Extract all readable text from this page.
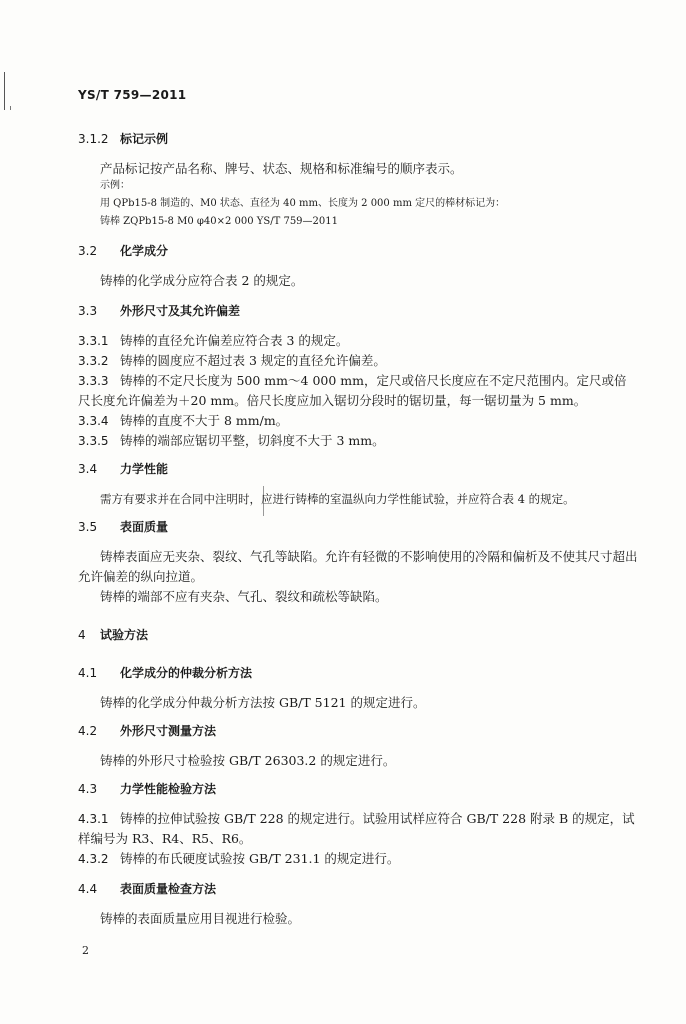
YS/T 759—2011
3.1.2 标记示例
产品标记按产品名称、牌号、状态、规格和标准编号的顺序表示。
示例：
用 QPb15-8 制造的、M0 状态、直径为 40 mm、长度为 2 000 mm 定尺的棒材标记为：
铸棒 ZQPb15-8 M0 φ40×2 000 YS/T 759—2011
3.2 化学成分
铸棒的化学成分应符合表 2 的规定。
3.3 外形尺寸及其允许偏差
3.3.1 铸棒的直径允许偏差应符合表 3 的规定。
3.3.2 铸棒的圆度应不超过表 3 规定的直径允许偏差。
3.3.3 铸棒的不定尺长度为 500 mm～4 000 mm，定尺或倍尺长度应在不定尺范围内。定尺或倍尺长度允许偏差为＋20 mm。倍尺长度应加入锯切分段时的锯切量，每一锯切量为 5 mm。
3.3.4 铸棒的直度不大于 8 mm/m。
3.3.5 铸棒的端部应锯切平整，切斜度不大于 3 mm。
3.4 力学性能
需方有要求并在合同中注明时，应进行铸棒的室温纵向力学性能试验，并应符合表 4 的规定。
3.5 表面质量
铸棒表面应无夹杂、裂纹、气孔等缺陷。允许有轻微的不影响使用的冷隔和偏析及不使其尺寸超出允许偏差的纵向拉道。
铸棒的端部不应有夹杂、气孔、裂纹和疏松等缺陷。
4 试验方法
4.1 化学成分的仲裁分析方法
铸棒的化学成分仲裁分析方法按 GB/T 5121 的规定进行。
4.2 外形尺寸测量方法
铸棒的外形尺寸检验按 GB/T 26303.2 的规定进行。
4.3 力学性能检验方法
4.3.1 铸棒的拉伸试验按 GB/T 228 的规定进行。试验用试样应符合 GB/T 228 附录 B 的规定，试样编号为 R3、R4、R5、R6。
4.3.2 铸棒的布氏硬度试验按 GB/T 231.1 的规定进行。
4.4 表面质量检查方法
铸棒的表面质量应用目视进行检验。
2
